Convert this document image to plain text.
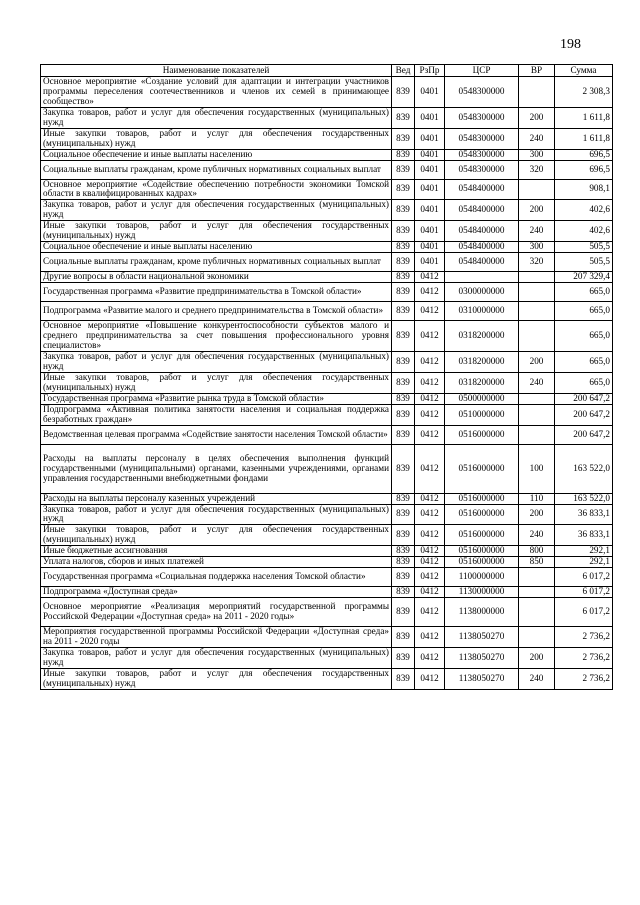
198
Наименование показателей	Вед	РзПр	ЦСР	ВР	Сумма
Основное мероприятие «Создание условий для адаптации и интеграции участников программы переселения соотечественников и членов их семей в принимающее сообщество»	839	0401	0548300000		2 308,3
Закупка товаров, работ и услуг для обеспечения государственных (муниципальных) нужд	839	0401	0548300000	200	1 611,8
Иные закупки товаров, работ и услуг для обеспечения государственных (муниципальных) нужд	839	0401	0548300000	240	1 611,8
Социальное обеспечение и иные выплаты населению	839	0401	0548300000	300	696,5
Социальные выплаты гражданам, кроме публичных нормативных социальных выплат	839	0401	0548300000	320	696,5
Основное мероприятие «Содействие обеспечению потребности экономики Томской области в квалифицированных кадрах»	839	0401	0548400000		908,1
Закупка товаров, работ и услуг для обеспечения государственных (муниципальных) нужд	839	0401	0548400000	200	402,6
Иные закупки товаров, работ и услуг для обеспечения государственных (муниципальных) нужд	839	0401	0548400000	240	402,6
Социальное обеспечение и иные выплаты населению	839	0401	0548400000	300	505,5
Социальные выплаты гражданам, кроме публичных нормативных социальных выплат	839	0401	0548400000	320	505,5
Другие вопросы в области национальной экономики	839	0412			207 329,4
Государственная программа «Развитие предпринимательства в Томской области»	839	0412	0300000000		665,0
Подпрограмма «Развитие малого и среднего предпринимательства в Томской области»	839	0412	0310000000		665,0
Основное мероприятие «Повышение конкурентоспособности субъектов малого и среднего предпринимательства за счет повышения профессионального уровня специалистов»	839	0412	0318200000		665,0
Закупка товаров, работ и услуг для обеспечения государственных (муниципальных) нужд	839	0412	0318200000	200	665,0
Иные закупки товаров, работ и услуг для обеспечения государственных (муниципальных) нужд	839	0412	0318200000	240	665,0
Государственная программа «Развитие рынка труда в Томской области»	839	0412	0500000000		200 647,2
Подпрограмма «Активная политика занятости населения и социальная поддержка безработных граждан»	839	0412	0510000000		200 647,2
Ведомственная целевая программа «Содействие занятости населения Томской области»	839	0412	0516000000		200 647,2
Расходы на выплаты персоналу в целях обеспечения выполнения функций государственными (муниципальными) органами, казенными учреждениями, органами управления государственными внебюджетными фондами	839	0412	0516000000	100	163 522,0
Расходы на выплаты персоналу казенных учреждений	839	0412	0516000000	110	163 522,0
Закупка товаров, работ и услуг для обеспечения государственных (муниципальных) нужд	839	0412	0516000000	200	36 833,1
Иные закупки товаров, работ и услуг для обеспечения государственных (муниципальных) нужд	839	0412	0516000000	240	36 833,1
Иные бюджетные ассигнования	839	0412	0516000000	800	292,1
Уплата налогов, сборов и иных платежей	839	0412	0516000000	850	292,1
Государственная программа «Социальная поддержка населения Томской области»	839	0412	1100000000		6 017,2
Подпрограмма «Доступная среда»	839	0412	1130000000		6 017,2
Основное мероприятие «Реализация мероприятий государственной программы Российской Федерации «Доступная среда» на 2011 - 2020 годы»	839	0412	1138000000		6 017,2
Мероприятия государственной программы Российской Федерации «Доступная среда» на 2011 - 2020 годы	839	0412	1138050270		2 736,2
Закупка товаров, работ и услуг для обеспечения государственных (муниципальных) нужд	839	0412	1138050270	200	2 736,2
Иные закупки товаров, работ и услуг для обеспечения государственных (муниципальных) нужд	839	0412	1138050270	240	2 736,2
